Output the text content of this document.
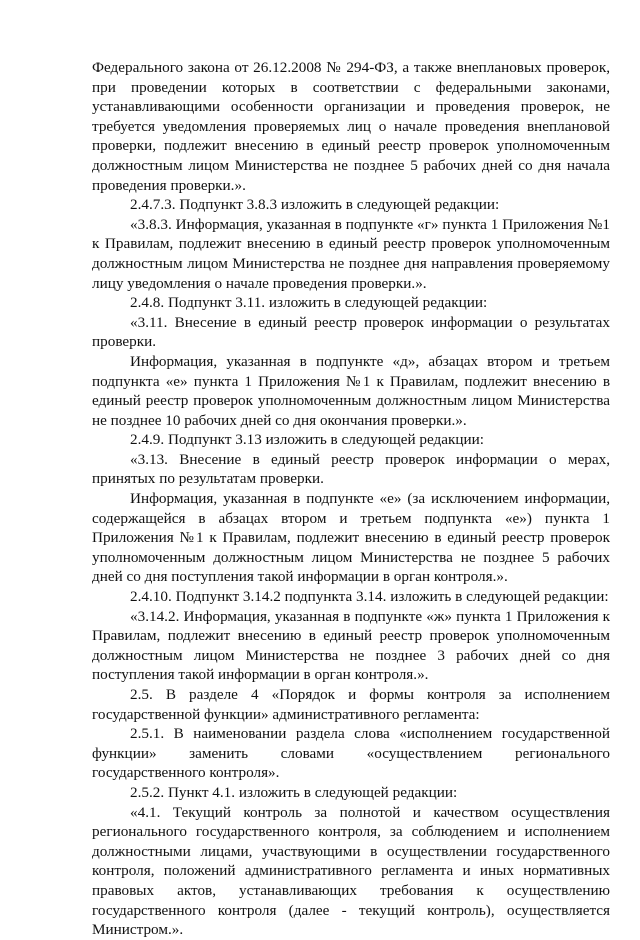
Федерального закона от 26.12.2008 № 294-ФЗ, а также внеплановых проверок, при проведении которых в соответствии с федеральными законами, устанавливающими особенности организации и проведения проверок, не требуется уведомления проверяемых лиц о начале проведения внеплановой проверки, подлежит внесению в единый реестр проверок уполномоченным должностным лицом Министерства не позднее 5 рабочих дней со дня начала проведения проверки.».

2.4.7.3. Подпункт 3.8.3 изложить в следующей редакции:

«3.8.3. Информация, указанная в подпункте «г» пункта 1 Приложения №1 к Правилам, подлежит внесению в единый реестр проверок уполномоченным должностным лицом Министерства не позднее дня направления проверяемому лицу уведомления о начале проведения проверки.».

2.4.8. Подпункт 3.11. изложить в следующей редакции:

«3.11. Внесение в единый реестр проверок информации о результатах проверки.

Информация, указанная в подпункте «д», абзацах втором и третьем подпункта «е» пункта 1 Приложения №1 к Правилам, подлежит внесению в единый реестр проверок уполномоченным должностным лицом Министерства не позднее 10 рабочих дней со дня окончания проверки.».

2.4.9. Подпункт 3.13 изложить в следующей редакции:

«3.13. Внесение в единый реестр проверок информации о мерах, принятых по результатам проверки.

Информация, указанная в подпункте «е» (за исключением информации, содержащейся в абзацах втором и третьем подпункта «е») пункта 1 Приложения №1 к Правилам, подлежит внесению в единый реестр проверок уполномоченным должностным лицом Министерства не позднее 5 рабочих дней со дня поступления такой информации в орган контроля.».

2.4.10. Подпункт 3.14.2 подпункта 3.14. изложить в следующей редакции:

«3.14.2. Информация, указанная в подпункте «ж» пункта 1 Приложения к Правилам, подлежит внесению в единый реестр проверок уполномоченным должностным лицом Министерства не позднее 3 рабочих дней со дня поступления такой информации в орган контроля.».

2.5. В разделе 4 «Порядок и формы контроля за исполнением государственной функции» административного регламента:

2.5.1. В наименовании раздела слова «исполнением государственной функции» заменить словами «осуществлением регионального государственного контроля».

2.5.2. Пункт 4.1. изложить в следующей редакции:

«4.1. Текущий контроль за полнотой и качеством осуществления регионального государственного контроля, за соблюдением и исполнением должностными лицами, участвующими в осуществлении государственного контроля, положений административного регламента и иных нормативных правовых актов, устанавливающих требования к осуществлению государственного контроля (далее - текущий контроль), осуществляется Министром.».
